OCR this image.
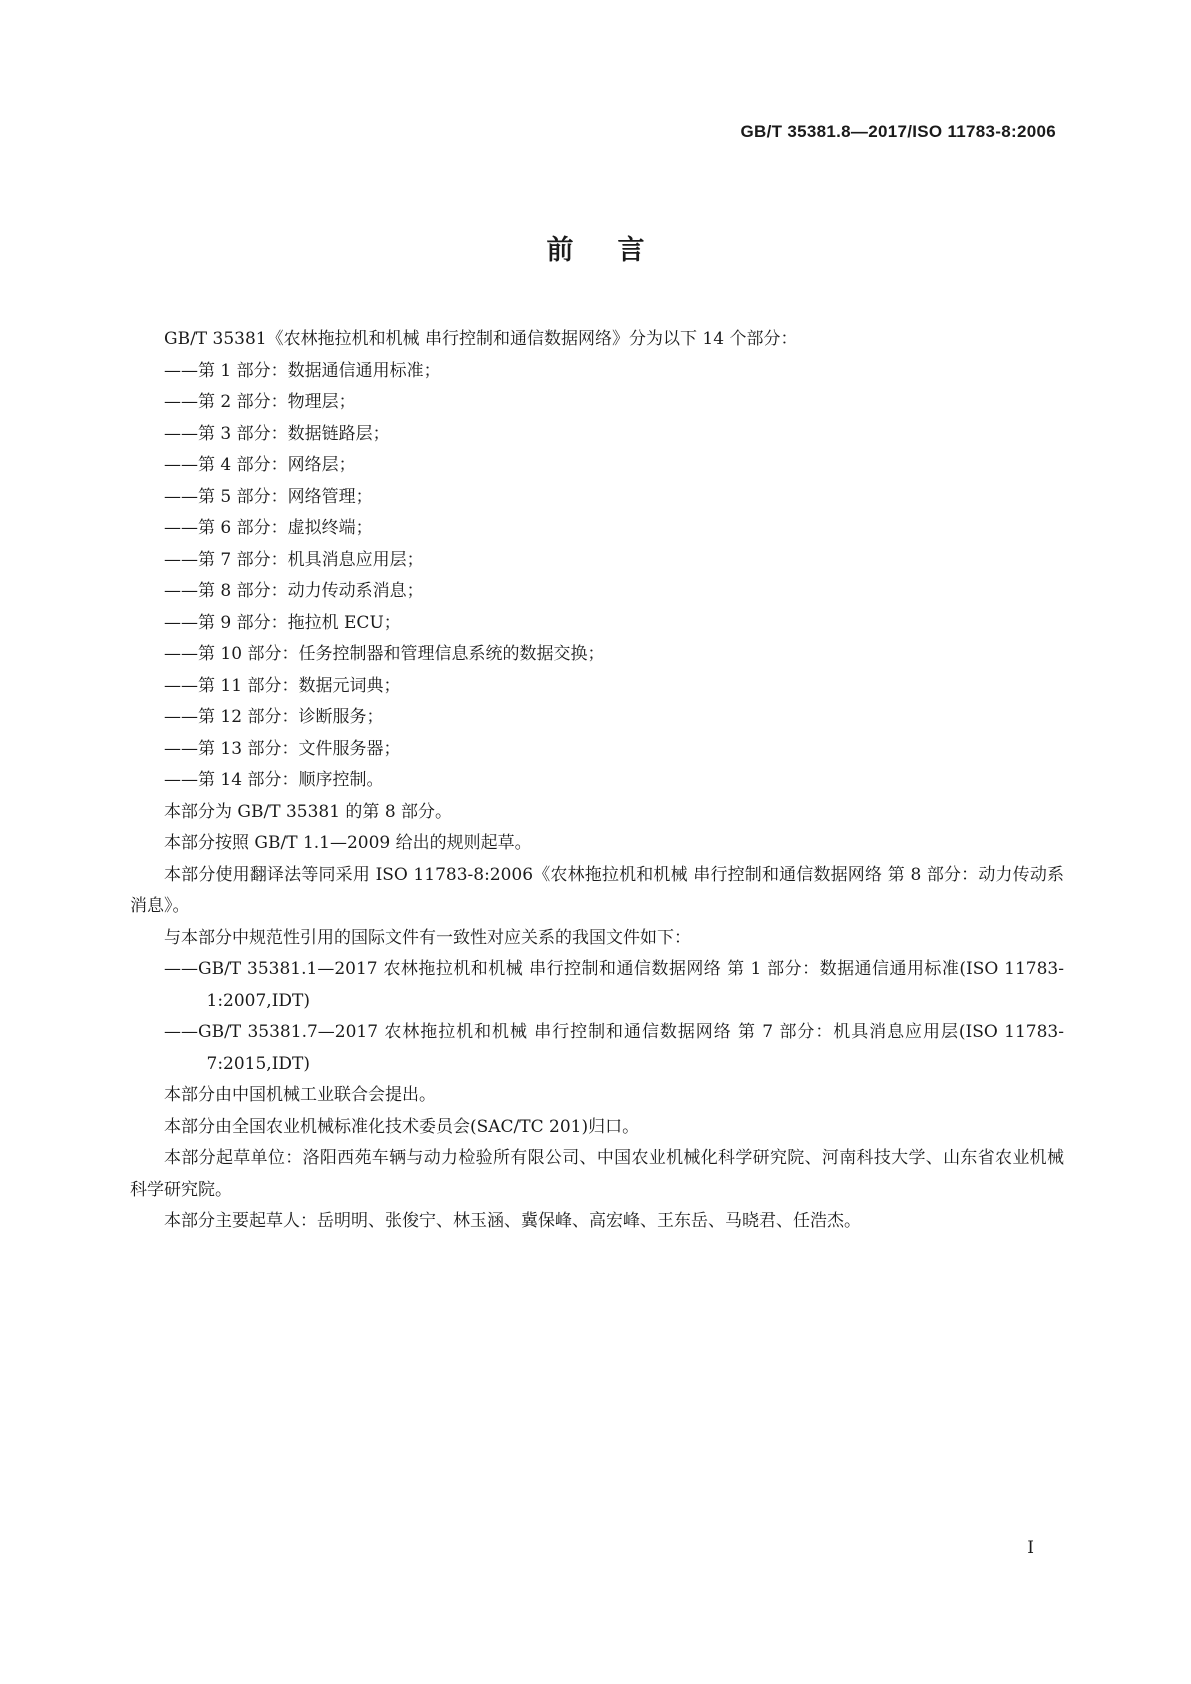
GB/T 35381.8—2017/ISO 11783-8:2006
前言

GB/T 35381《农林拖拉机和机械 串行控制和通信数据网络》分为以下 14 个部分：

——第 1 部分：数据通信通用标准；

——第 2 部分：物理层；

——第 3 部分：数据链路层；

——第 4 部分：网络层；

——第 5 部分：网络管理；

——第 6 部分：虚拟终端；

——第 7 部分：机具消息应用层；

——第 8 部分：动力传动系消息；

——第 9 部分：拖拉机 ECU；

——第 10 部分：任务控制器和管理信息系统的数据交换；

——第 11 部分：数据元词典；

——第 12 部分：诊断服务；

——第 13 部分：文件服务器；

——第 14 部分：顺序控制。

本部分为 GB/T 35381 的第 8 部分。

本部分按照 GB/T 1.1—2009 给出的规则起草。

本部分使用翻译法等同采用 ISO 11783-8:2006《农林拖拉机和机械 串行控制和通信数据网络 第 8 部分：动力传动系消息》。

与本部分中规范性引用的国际文件有一致性对应关系的我国文件如下：

——GB/T 35381.1—2017 农林拖拉机和机械 串行控制和通信数据网络 第 1 部分：数据通信通用标准(ISO 11783-1:2007,IDT)

——GB/T 35381.7—2017 农林拖拉机和机械 串行控制和通信数据网络 第 7 部分：机具消息应用层(ISO 11783-7:2015,IDT)

本部分由中国机械工业联合会提出。

本部分由全国农业机械标准化技术委员会(SAC/TC 201)归口。

本部分起草单位：洛阳西苑车辆与动力检验所有限公司、中国农业机械化科学研究院、河南科技大学、山东省农业机械科学研究院。

本部分主要起草人：岳明明、张俊宁、林玉涵、冀保峰、高宏峰、王东岳、马晓君、任浩杰。

I
